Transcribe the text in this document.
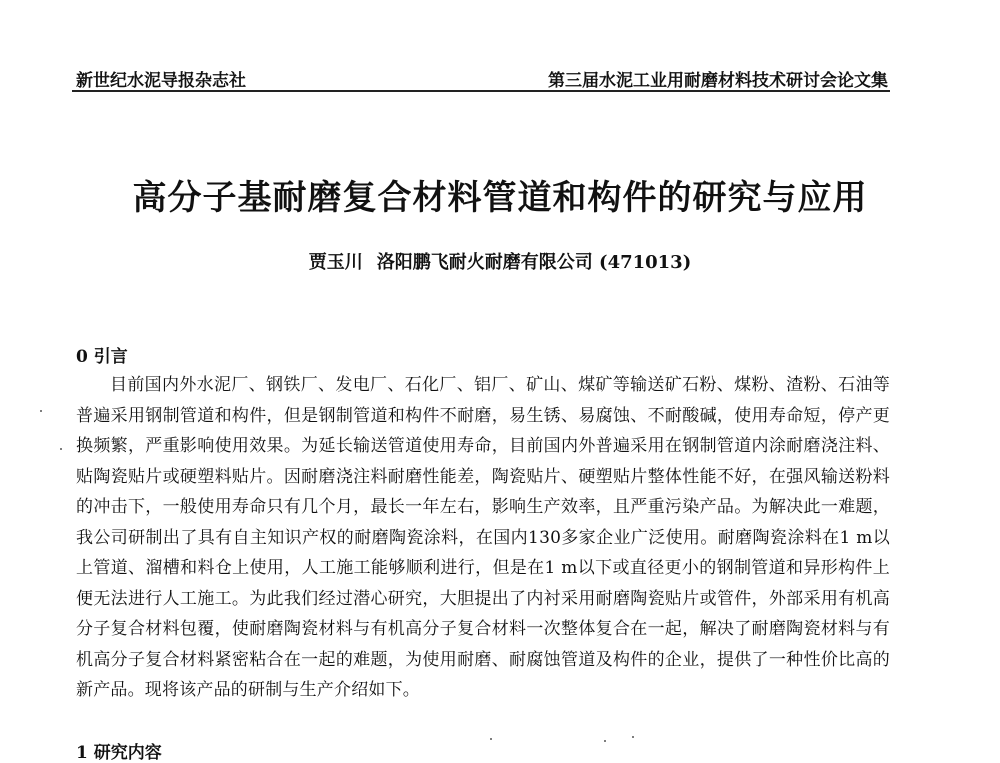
新世纪水泥导报杂志社	第三届水泥工业用耐磨材料技术研讨会论文集
高分子基耐磨复合材料管道和构件的研究与应用
贾玉川 洛阳鹏飞耐火耐磨有限公司 (471013)
0 引言
目前国内外水泥厂、钢铁厂、发电厂、石化厂、铝厂、矿山、煤矿等输送矿石粉、煤粉、渣粉、石油等普遍采用钢制管道和构件，但是钢制管道和构件不耐磨，易生锈、易腐蚀、不耐酸碱，使用寿命短，停产更换频繁，严重影响使用效果。为延长输送管道使用寿命，目前国内外普遍采用在钢制管道内涂耐磨浇注料、贴陶瓷贴片或硬塑料贴片。因耐磨浇注料耐磨性能差，陶瓷贴片、硬塑贴片整体性能不好，在强风输送粉料的冲击下，一般使用寿命只有几个月，最长一年左右，影响生产效率，且严重污染产品。为解决此一难题，我公司研制出了具有自主知识产权的耐磨陶瓷涂料，在国内130多家企业广泛使用。耐磨陶瓷涂料在1 m以上管道、溜槽和料仓上使用，人工施工能够顺利进行，但是在1 m以下或直径更小的钢制管道和异形构件上便无法进行人工施工。为此我们经过潜心研究，大胆提出了内衬采用耐磨陶瓷贴片或管件，外部采用有机高分子复合材料包覆，使耐磨陶瓷材料与有机高分子复合材料一次整体复合在一起，解决了耐磨陶瓷材料与有机高分子复合材料紧密粘合在一起的难题，为使用耐磨、耐腐蚀管道及构件的企业，提供了一种性价比高的新产品。现将该产品的研制与生产介绍如下。
1 研究内容
